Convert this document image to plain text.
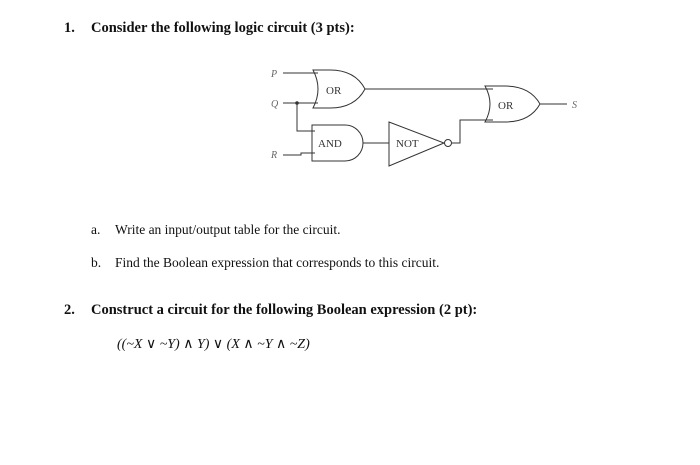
1. Consider the following logic circuit (3 pts):
P
Q
R
S
OR
AND	NOT
OR
a. Write an input/output table for the circuit.
b. Find the Boolean expression that corresponds to this circuit.
2. Construct a circuit for the following Boolean expression (2 pt):
((~X ∨ ~Y) ∧ Y) ∨ (X ∧ ~Y ∧ ~Z)
